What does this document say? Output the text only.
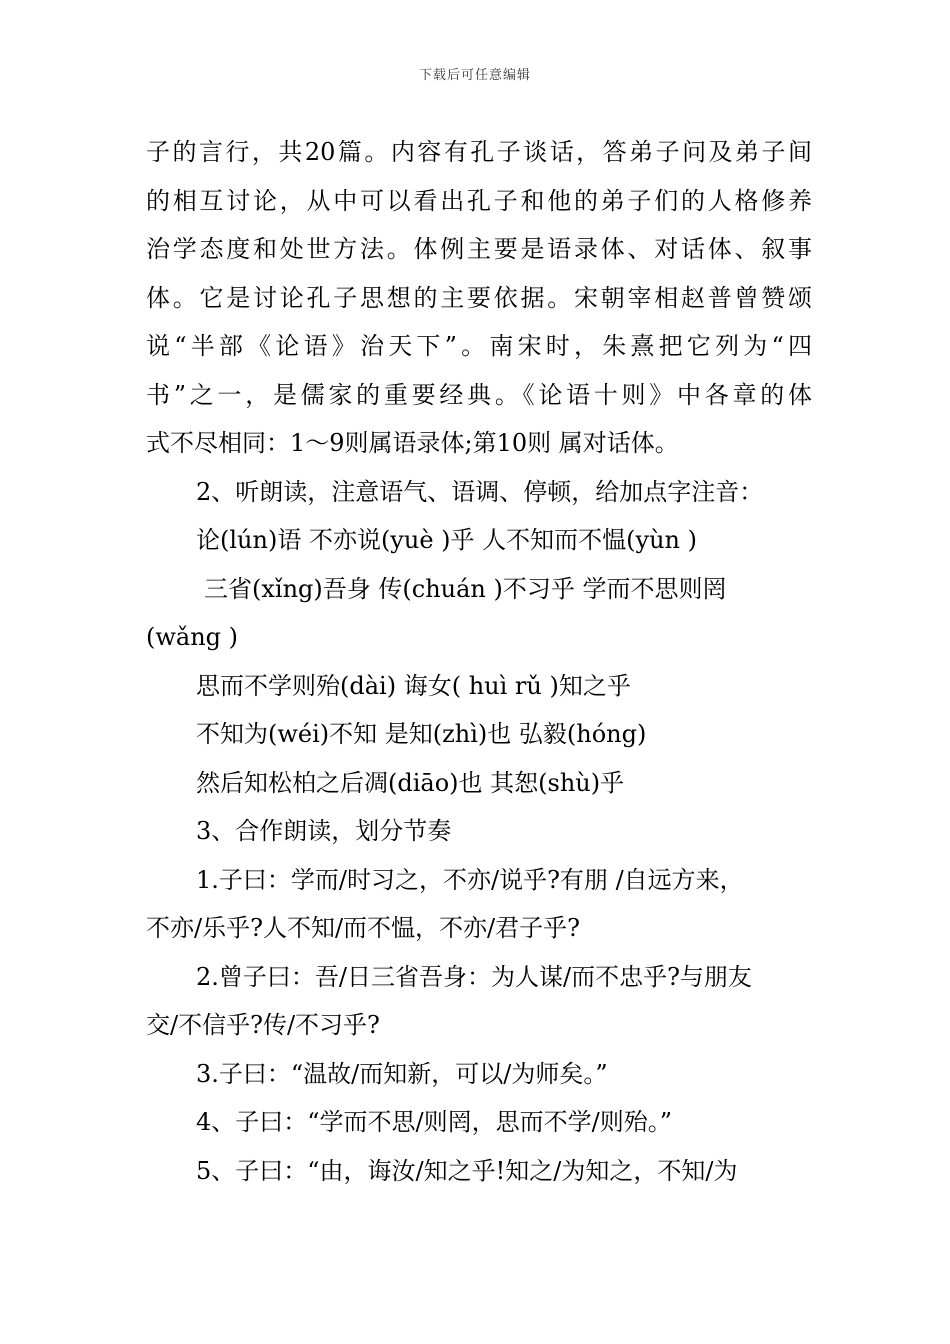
下载后可任意编辑
子的言行，共20篇。内容有孔子谈话，答弟子问及弟子间
的相互讨论，从中可以看出孔子和他的弟子们的人格修养
治学态度和处世方法。体例主要是语录体、对话体、叙事
体。它是讨论孔子思想的主要依据。宋朝宰相赵普曾赞颂
说“半部《论语》治天下”。南宋时，朱熹把它列为“四
书”之一，是儒家的重要经典。《论语十则》中各章的体
式不尽相同：1～9则属语录体;第10则 属对话体。
2、听朗读，注意语气、语调、停顿，给加点字注音：
论(lún)语 不亦说(yuè )乎 人不知而不愠(yùn )
三省(xǐng)吾身 传(chuán )不习乎 学而不思则罔
(wǎng )
思而不学则殆(dài) 诲女( huì rǔ )知之乎
不知为(wéi)不知 是知(zhì)也 弘毅(hóng)
然后知松柏之后凋(diāo)也 其恕(shù)乎
3、合作朗读，划分节奏
1.子曰：学而/时习之，不亦/说乎?有朋 /自远方来，
不亦/乐乎?人不知/而不愠，不亦/君子乎?
2.曾子曰：吾/日三省吾身：为人谋/而不忠乎?与朋友
交/不信乎?传/不习乎?
3.子曰：“温故/而知新，可以/为师矣。”
4、子曰：“学而不思/则罔，思而不学/则殆。”
5、子曰：“由，诲汝/知之乎!知之/为知之，不知/为
